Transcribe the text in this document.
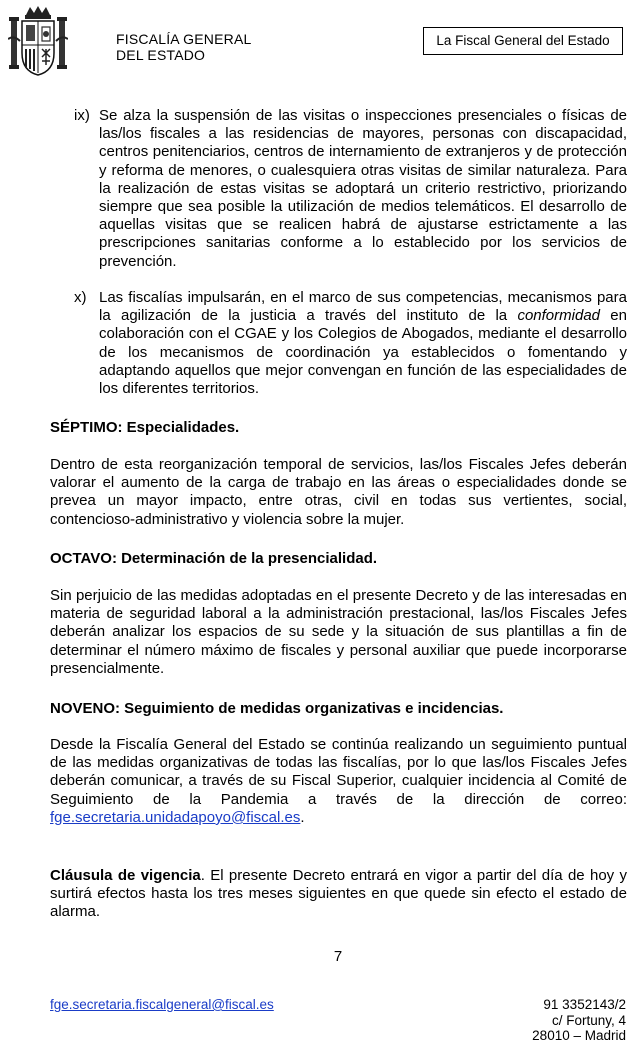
FISCALÍA GENERAL
DEL ESTADO
La Fiscal General del Estado
ix) Se alza la suspensión de las visitas o inspecciones presenciales o físicas de las/los fiscales a las residencias de mayores, personas con discapacidad, centros penitenciarios, centros de internamiento de extranjeros y de protección y reforma de menores, o cualesquiera otras visitas de similar naturaleza. Para la realización de estas visitas se adoptará un criterio restrictivo, priorizando siempre que sea posible la utilización de medios telemáticos. El desarrollo de aquellas visitas que se realicen habrá de ajustarse estrictamente a las prescripciones sanitarias conforme a lo establecido por los servicios de prevención.

x) Las fiscalías impulsarán, en el marco de sus competencias, mecanismos para la agilización de la justicia a través del instituto de la conformidad en colaboración con el CGAE y los Colegios de Abogados, mediante el desarrollo de los mecanismos de coordinación ya establecidos o fomentando y adaptando aquellos que mejor convengan en función de las especialidades de los diferentes territorios.

SÉPTIMO: Especialidades.

Dentro de esta reorganización temporal de servicios, las/los Fiscales Jefes deberán valorar el aumento de la carga de trabajo en las áreas o especialidades donde se prevea un mayor impacto, entre otras, civil en todas sus vertientes, social, contencioso-administrativo y violencia sobre la mujer.

OCTAVO: Determinación de la presencialidad.

Sin perjuicio de las medidas adoptadas en el presente Decreto y de las interesadas en materia de seguridad laboral a la administración prestacional, las/los Fiscales Jefes deberán analizar los espacios de su sede y la situación de sus plantillas a fin de determinar el número máximo de fiscales y personal auxiliar que puede incorporarse presencialmente.

NOVENO: Seguimiento de medidas organizativas e incidencias.

Desde la Fiscalía General del Estado se continúa realizando un seguimiento puntual de las medidas organizativas de todas las fiscalías, por lo que las/los Fiscales Jefes deberán comunicar, a través de su Fiscal Superior, cualquier incidencia al Comité de Seguimiento de la Pandemia a través de la dirección de correo: fge.secretaria.unidadapoyo@fiscal.es.

Cláusula de vigencia. El presente Decreto entrará en vigor a partir del día de hoy y surtirá efectos hasta los tres meses siguientes en que quede sin efecto el estado de alarma.

7
fge.secretaria.fiscalgeneral@fiscal.es	91 3352143/2
c/ Fortuny, 4
28010 – Madrid
